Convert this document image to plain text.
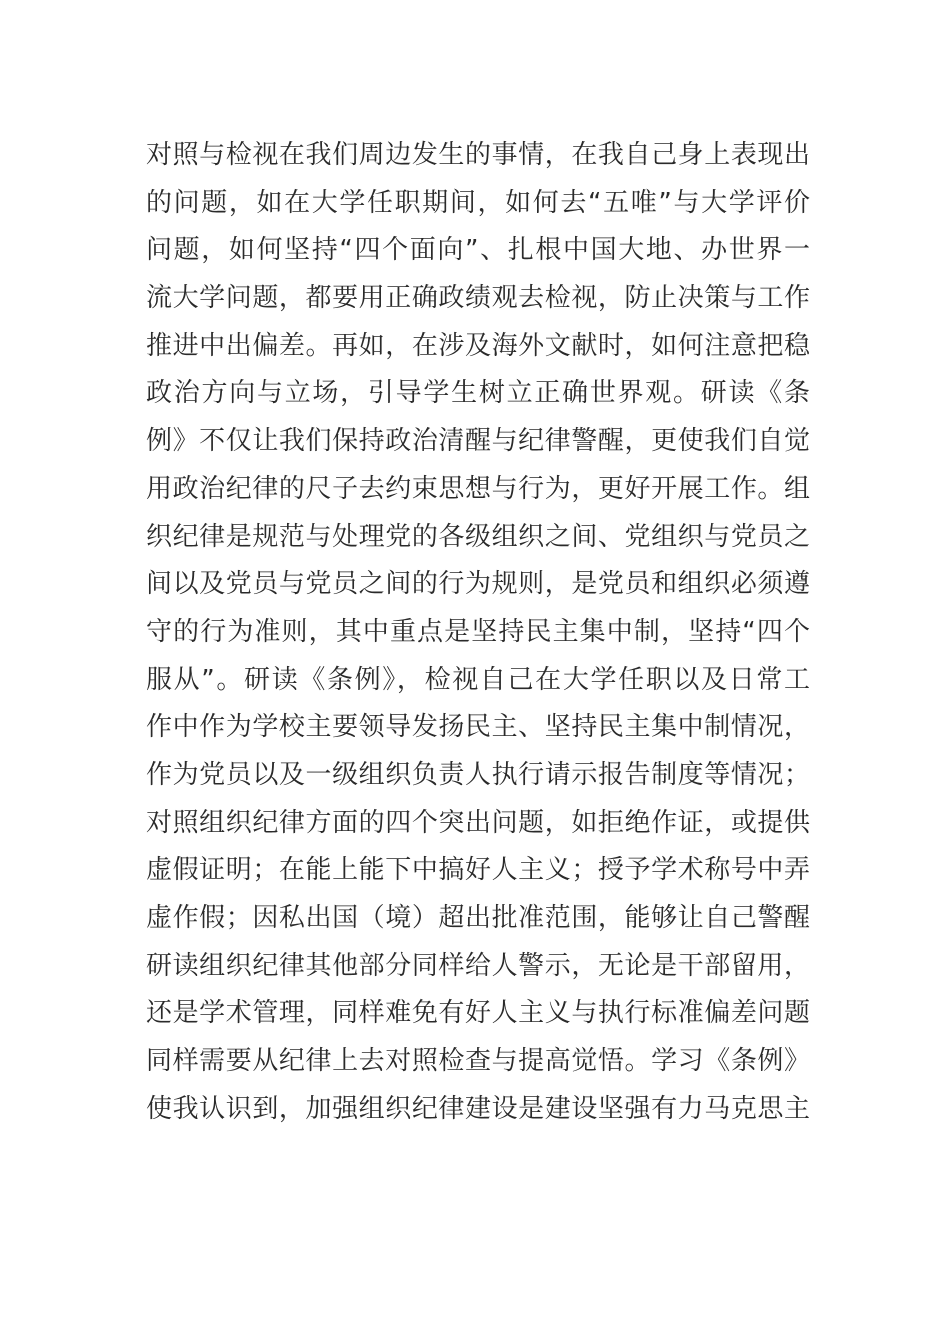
对照与检视在我们周边发生的事情，在我自己身上表现出
的问题，如在大学任职期间，如何去“五唯”与大学评价
问题，如何坚持“四个面向”、扎根中国大地、办世界一
流大学问题，都要用正确政绩观去检视，防止决策与工作
推进中出偏差。再如，在涉及海外文献时，如何注意把稳
政治方向与立场，引导学生树立正确世界观。研读《条
例》不仅让我们保持政治清醒与纪律警醒，更使我们自觉
用政治纪律的尺子去约束思想与行为，更好开展工作。组
织纪律是规范与处理党的各级组织之间、党组织与党员之
间以及党员与党员之间的行为规则，是党员和组织必须遵
守的行为准则，其中重点是坚持民主集中制，坚持“四个
服从”。研读《条例》，检视自己在大学任职以及日常工
作中作为学校主要领导发扬民主、坚持民主集中制情况，
作为党员以及一级组织负责人执行请示报告制度等情况；
对照组织纪律方面的四个突出问题，如拒绝作证，或提供
虚假证明；在能上能下中搞好人主义；授予学术称号中弄
虚作假；因私出国（境）超出批准范围，能够让自己警醒
研读组织纪律其他部分同样给人警示，无论是干部留用，
还是学术管理，同样难免有好人主义与执行标准偏差问题
同样需要从纪律上去对照检查与提高觉悟。学习《条例》
使我认识到，加强组织纪律建设是建设坚强有力马克思主
